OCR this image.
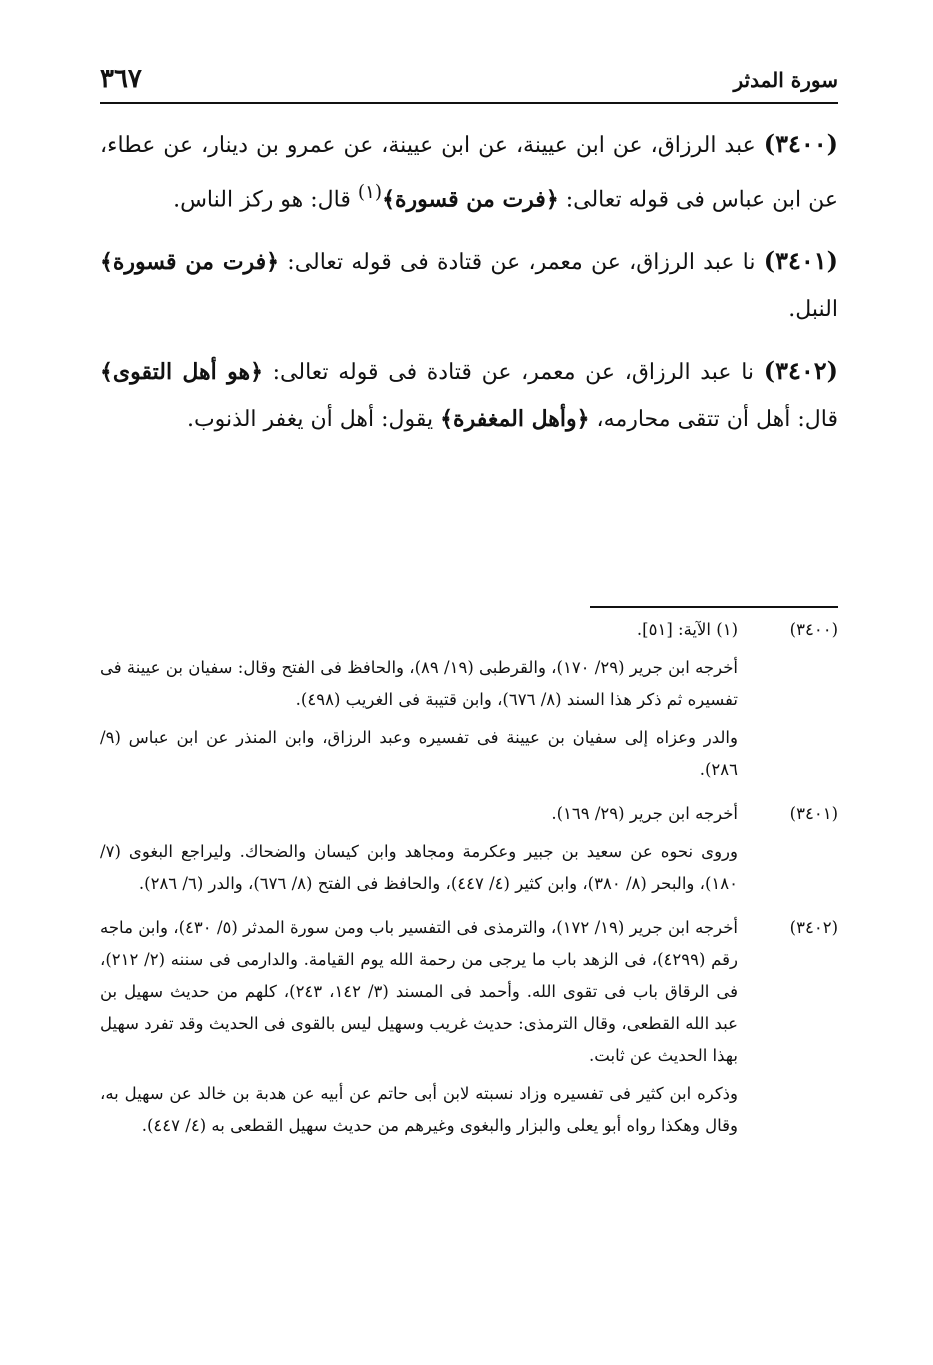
سورة المدثر
٣٦٧

(٣٤٠٠) عبد الرزاق، عن ابن عيينة، عن ابن عيينة، عن عمرو بن دينار، عن عطاء، عن ابن عباس فى قوله تعالى: ﴿فرت من قسورة﴾$^{(١)}$ قال: هو ركز الناس.

(٣٤٠١) نا عبد الرزاق، عن معمر، عن قتادة فى قوله تعالى: ﴿فرت من قسورة﴾ النبل.

(٣٤٠٢) نا عبد الرزاق، عن معمر، عن قتادة فى قوله تعالى: ﴿هو أهل التقوى﴾ قال: أهل أن تتقى محارمه، ﴿وأهل المغفرة﴾ يقول: أهل أن يغفر الذنوب.

(٣٤٠٠)
(١) الآية: [٥١].

أخرجه ابن جرير (٢٩/ ١٧٠)، والقرطبى (١٩/ ٨٩)، والحافظ فى الفتح وقال: سفيان بن عيينة فى تفسيره ثم ذكر هذا السند (٨/ ٦٧٦)، وابن قتيبة فى الغريب (٤٩٨).

والدر وعزاه إلى سفيان بن عيينة فى تفسيره وعبد الرزاق، وابن المنذر عن ابن عباس (٩/ ٢٨٦).

(٣٤٠١)
أخرجه ابن جرير (٢٩/ ١٦٩).

وروى نحوه عن سعيد بن جبير وعكرمة ومجاهد وابن كيسان والضحاك. وليراجع البغوى (٧/ ١٨٠)، والبحر (٨/ ٣٨٠)، وابن كثير (٤/ ٤٤٧)، والحافظ فى الفتح (٨/ ٦٧٦)، والدر (٦/ ٢٨٦).

(٣٤٠٢)

أخرجه ابن جرير (١٩/ ١٧٢)، والترمذى فى التفسير باب ومن سورة المدثر (٥/ ٤٣٠)، وابن ماجه رقم (٤٢٩٩)، فى الزهد باب ما يرجى من رحمة الله يوم القيامة. والدارمى فى سننه (٢/ ٢١٢)، فى الرقاق باب فى تقوى الله. وأحمد فى المسند (٣/ ١٤٢، ٢٤٣)، كلهم من حديث سهيل بن عبد الله القطعى، وقال الترمذى: حديث غريب وسهيل ليس بالقوى فى الحديث وقد تفرد سهيل بهذا الحديث عن ثابت.

وذكره ابن كثير فى تفسيره وزاد نسبته لابن أبى حاتم عن أبيه عن هدبة بن خالد عن سهيل به، وقال وهكذا رواه أبو يعلى والبزار والبغوى وغيرهم من حديث سهيل القطعى به (٤/ ٤٤٧).
